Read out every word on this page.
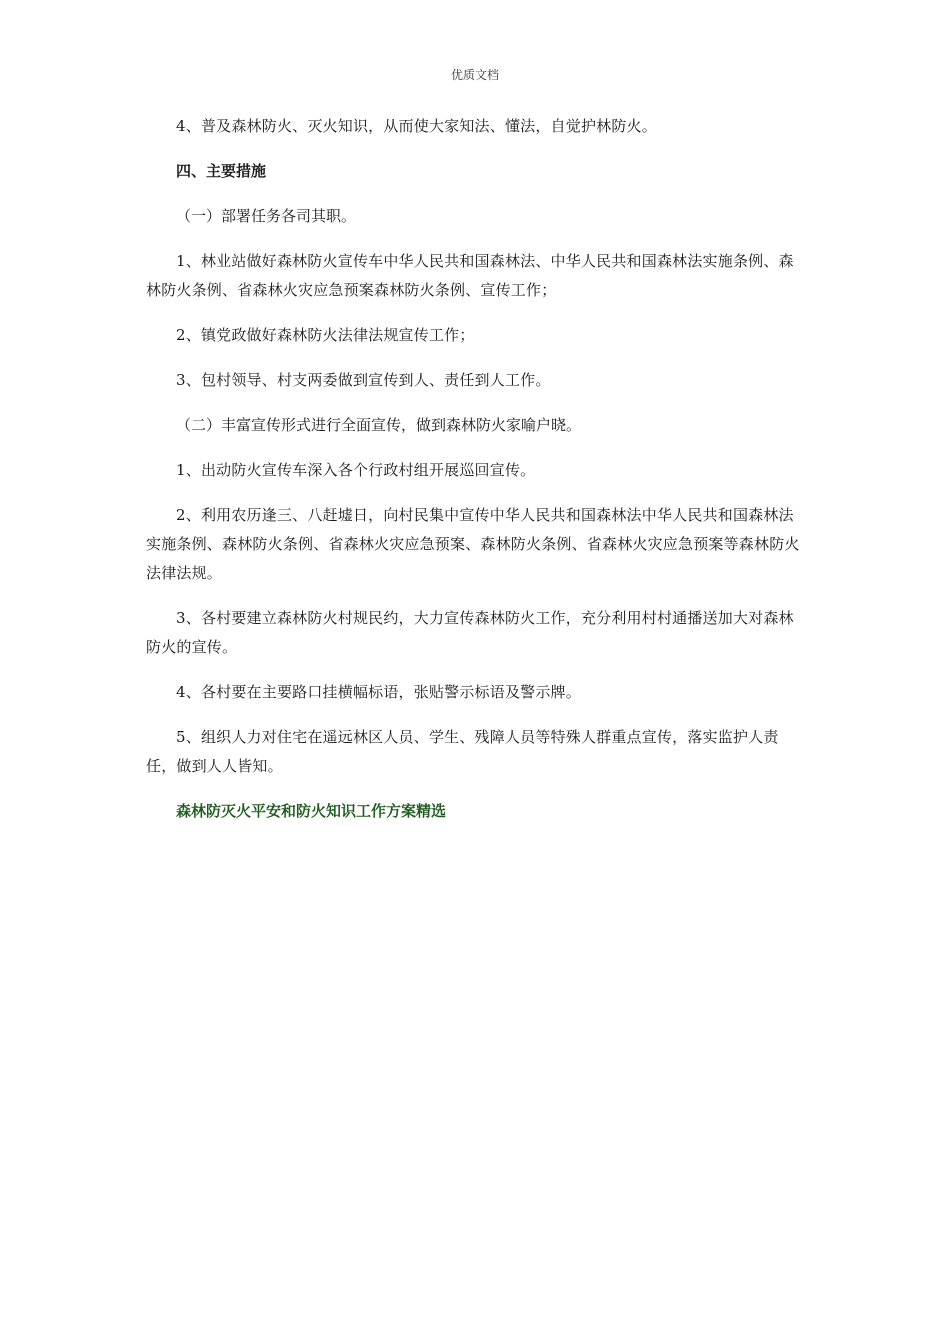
优质文档

4、普及森林防火、灭火知识，从而使大家知法、懂法，自觉护林防火。

四、主要措施

（一）部署任务各司其职。

1、林业站做好森林防火宣传车中华人民共和国森林法、中华人民共和国森林法实施条例、森林防火条例、省森林火灾应急预案森林防火条例、宣传工作；

2、镇党政做好森林防火法律法规宣传工作；

3、包村领导、村支两委做到宣传到人、责任到人工作。

（二）丰富宣传形式进行全面宣传，做到森林防火家喻户晓。

1、出动防火宣传车深入各个行政村组开展巡回宣传。

2、利用农历逢三、八赶墟日，向村民集中宣传中华人民共和国森林法中华人民共和国森林法实施条例、森林防火条例、省森林火灾应急预案、森林防火条例、省森林火灾应急预案等森林防火法律法规。

3、各村要建立森林防火村规民约，大力宣传森林防火工作，充分利用村村通播送加大对森林防火的宣传。

4、各村要在主要路口挂横幅标语，张贴警示标语及警示牌。

5、组织人力对住宅在遥远林区人员、学生、残障人员等特殊人群重点宣传，落实监护人责任，做到人人皆知。

森林防灭火平安和防火知识工作方案精选
